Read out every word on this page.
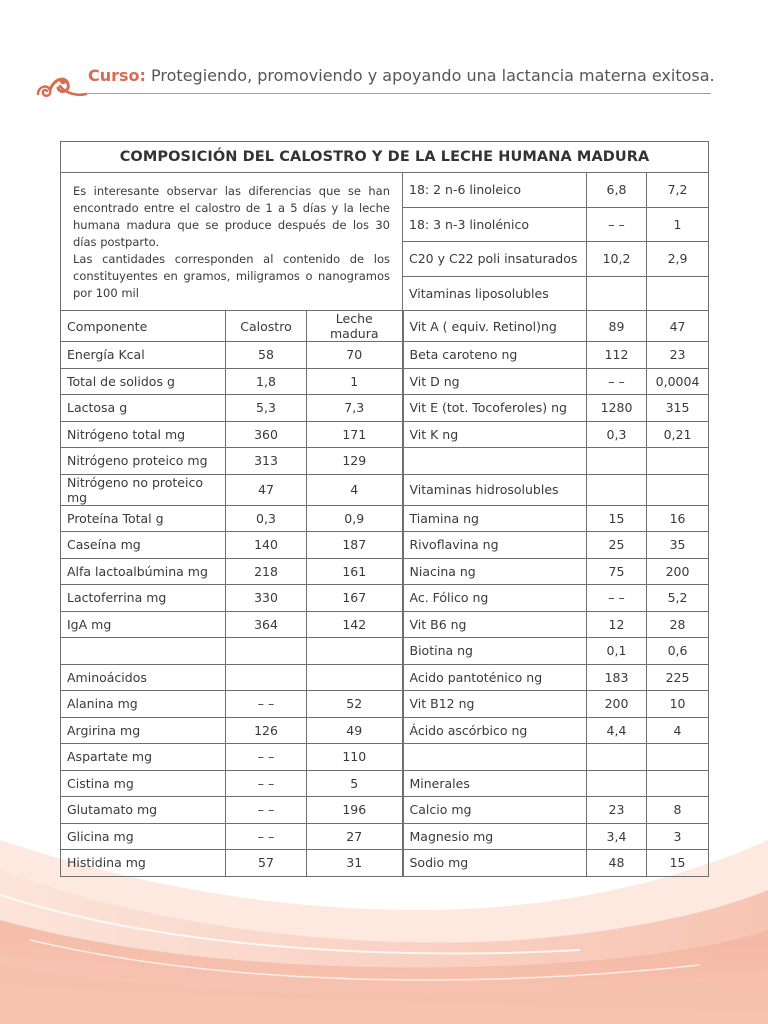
Curso: Protegiendo, promoviendo y apoyando una lactancia materna exitosa.
COMPOSICIÓN DEL CALOSTRO Y DE LA LECHE HUMANA MADURA					

Es interesante observar las diferencias que se han encontrado entre el calostro de 1 a 5 días y la leche humana madura que se produce después de los 30 días postparto.

Las cantidades corresponden al contenido de los constituyentes en gramos, miligramos o nanogramos por 100 mil			18: 2 n-6 linoleico	6,8	7,2
			18: 3 n-3 linolénico	– –	1
			C20 y C22 poli insaturados	10,2	2,9
			Vitaminas liposolubles		
Componente	Calostro	Leche madura	Vit A ( equiv. Retinol)ng	89	47
Energía Kcal	58	70	Beta caroteno ng	112	23
Total de solidos g	1,8	1	Vit D ng	– –	0,0004
Lactosa g	5,3	7,3	Vit E (tot. Tocoferoles) ng	1280	315
Nitrógeno total mg	360	171	Vit K ng	0,3	0,21
Nitrógeno proteico mg	313	129			
Nitrógeno no proteico mg	47	4	Vitaminas hidrosolubles		
Proteína Total g	0,3	0,9	Tiamina ng	15	16
Caseína mg	140	187	Rivoflavina ng	25	35
Alfa lactoalbúmina mg	218	161	Niacina ng	75	200
Lactoferrina mg	330	167	Ac. Fólico ng	– –	5,2
IgA mg	364	142	Vit B6 ng	12	28
			Biotina ng	0,1	0,6
Aminoácidos			Acido pantoténico ng	183	225
Alanina mg	– –	52	Vit B12 ng	200	10
Argirina mg	126	49	Ácido ascórbico ng	4,4	4
Aspartate mg	– –	110			
Cistina mg	– –	5	Minerales		
Glutamato mg	– –	196	Calcio mg	23	8
Glicina mg	– –	27	Magnesio mg	3,4	3
Histidina mg	57	31	Sodio mg	48	15
